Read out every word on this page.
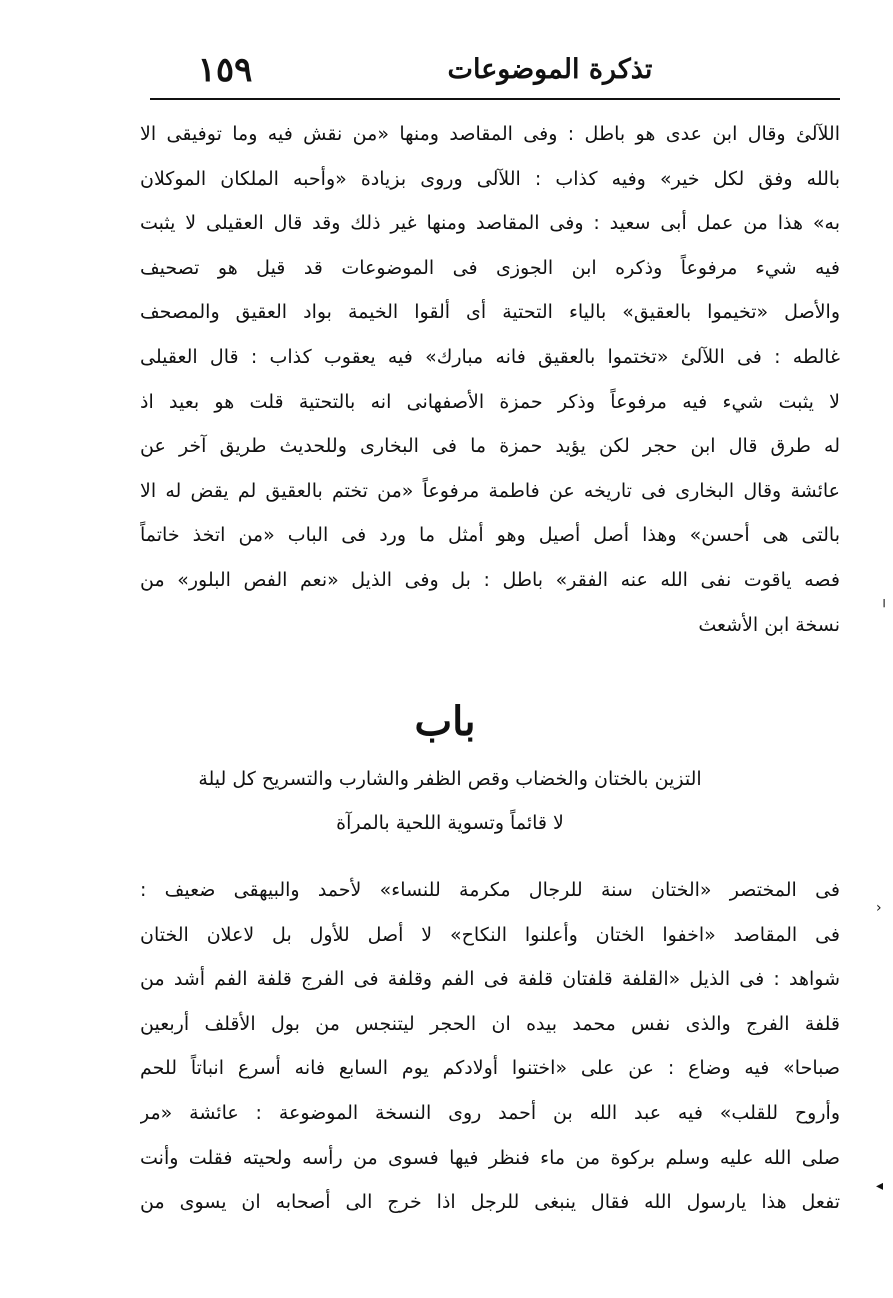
تذكرة الموضوعات
١٥٩
اللآلئ وقال ابن عدى هو باطل : وفى المقاصد ومنها «من نقش فيه وما توفيقى الا
بالله وفق لكل خير» وفيه كذاب : اللآلى وروى بزيادة «وأحبه الملكان الموكلان
به» هذا من عمل أبى سعيد : وفى المقاصد ومنها غير ذلك وقد قال العقيلى لا يثبت
فيه شيء مرفوعاً وذكره ابن الجوزى فى الموضوعات قد قيل هو تصحيف
والأصل «تخيموا بالعقيق» بالياء التحتية أى ألقوا الخيمة بواد العقيق والمصحف
غالطه : فى اللآلئ «تختموا بالعقيق فانه مبارك» فيه يعقوب كذاب : قال العقيلى
لا يثبت شيء فيه مرفوعاً وذكر حمزة الأصفهانى انه بالتحتية قلت هو بعيد اذ
له طرق قال ابن حجر لكن يؤيد حمزة ما فى البخارى وللحديث طريق آخر عن
عائشة وقال البخارى فى تاريخه عن فاطمة مرفوعاً «من تختم بالعقيق لم يقض له الا
بالتى هى أحسن» وهذا أصل أصيل وهو أمثل ما ورد فى الباب «من اتخذ خاتماً
فصه ياقوت نفى الله عنه الفقر» باطل : بل وفى الذيل «نعم الفص البلور» من
نسخة ابن الأشعث
باب
التزين بالختان والخضاب وقص الظفر والشارب والتسريح كل ليلة
لا قائماً وتسوية اللحية بالمرآة
فى المختصر «الختان سنة للرجال مكرمة للنساء» لأحمد والبيهقى ضعيف :
فى المقاصد «اخفوا الختان وأعلنوا النكاح» لا أصل للأول بل لاعلان الختان
شواهد : فى الذيل «القلفة قلفتان قلفة فى الفم وقلفة فى الفرج قلفة الفم أشد من
قلفة الفرج والذى نفس محمد بيده ان الحجر ليتنجس من بول الأقلف أربعين
صباحا» فيه وضاع : عن على «اختنوا أولادكم يوم السابع فانه أسرع انباتاً للحم
وأروح للقلب» فيه عبد الله بن أحمد روى النسخة الموضوعة : عائشة «مر
صلى الله عليه وسلم بركوة من ماء فنظر فيها فسوى من رأسه ولحيته فقلت وأنت
تفعل هذا يارسول الله فقال ينبغى للرجل اذا خرج الى أصحابه ان يسوى من
╵
›
◂
